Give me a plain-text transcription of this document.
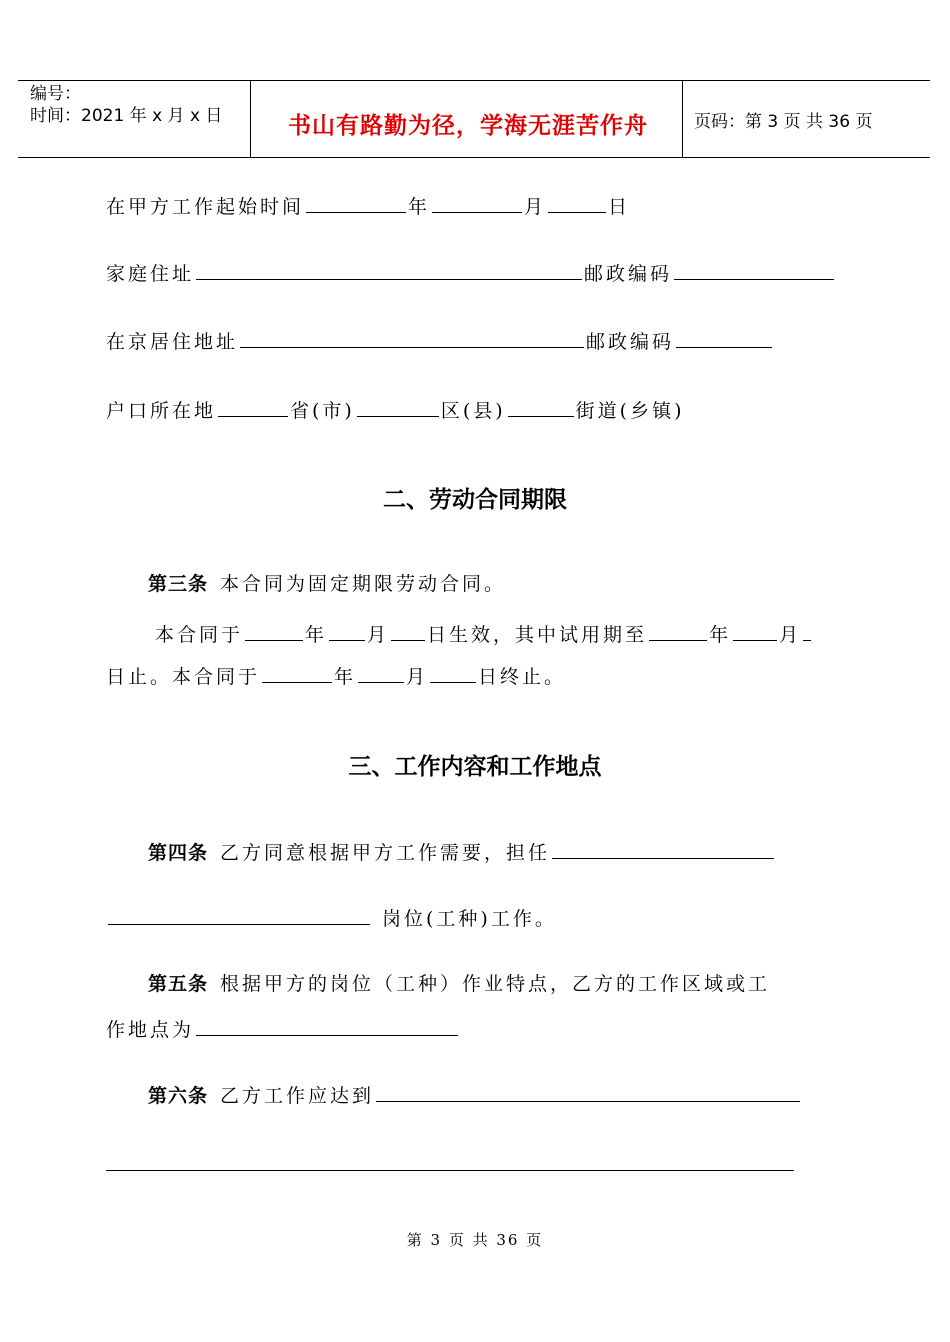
编号：
时间：2021 年 x 月 x 日	书山有路勤为径，学海无涯苦作舟	页码：第 3 页 共 36 页
在甲方工作起始时间	年	月	日
家庭住址	邮政编码
在京居住地址	邮政编码
户口所在地	省(市)	区(县)	街道(乡镇)
二、劳动合同期限
第三条 本合同为固定期限劳动合同。
本合同于	年 月 日生效，其中试用期至	年	月
日止。本合同于	年	月	日终止。
三、工作内容和工作地点
第四条 乙方同意根据甲方工作需要，担任
岗位(工种)工作。
第五条 根据甲方的岗位（工种）作业特点，乙方的工作区域或工
作地点为
第六条 乙方工作应达到
第 3 页 共 36 页
